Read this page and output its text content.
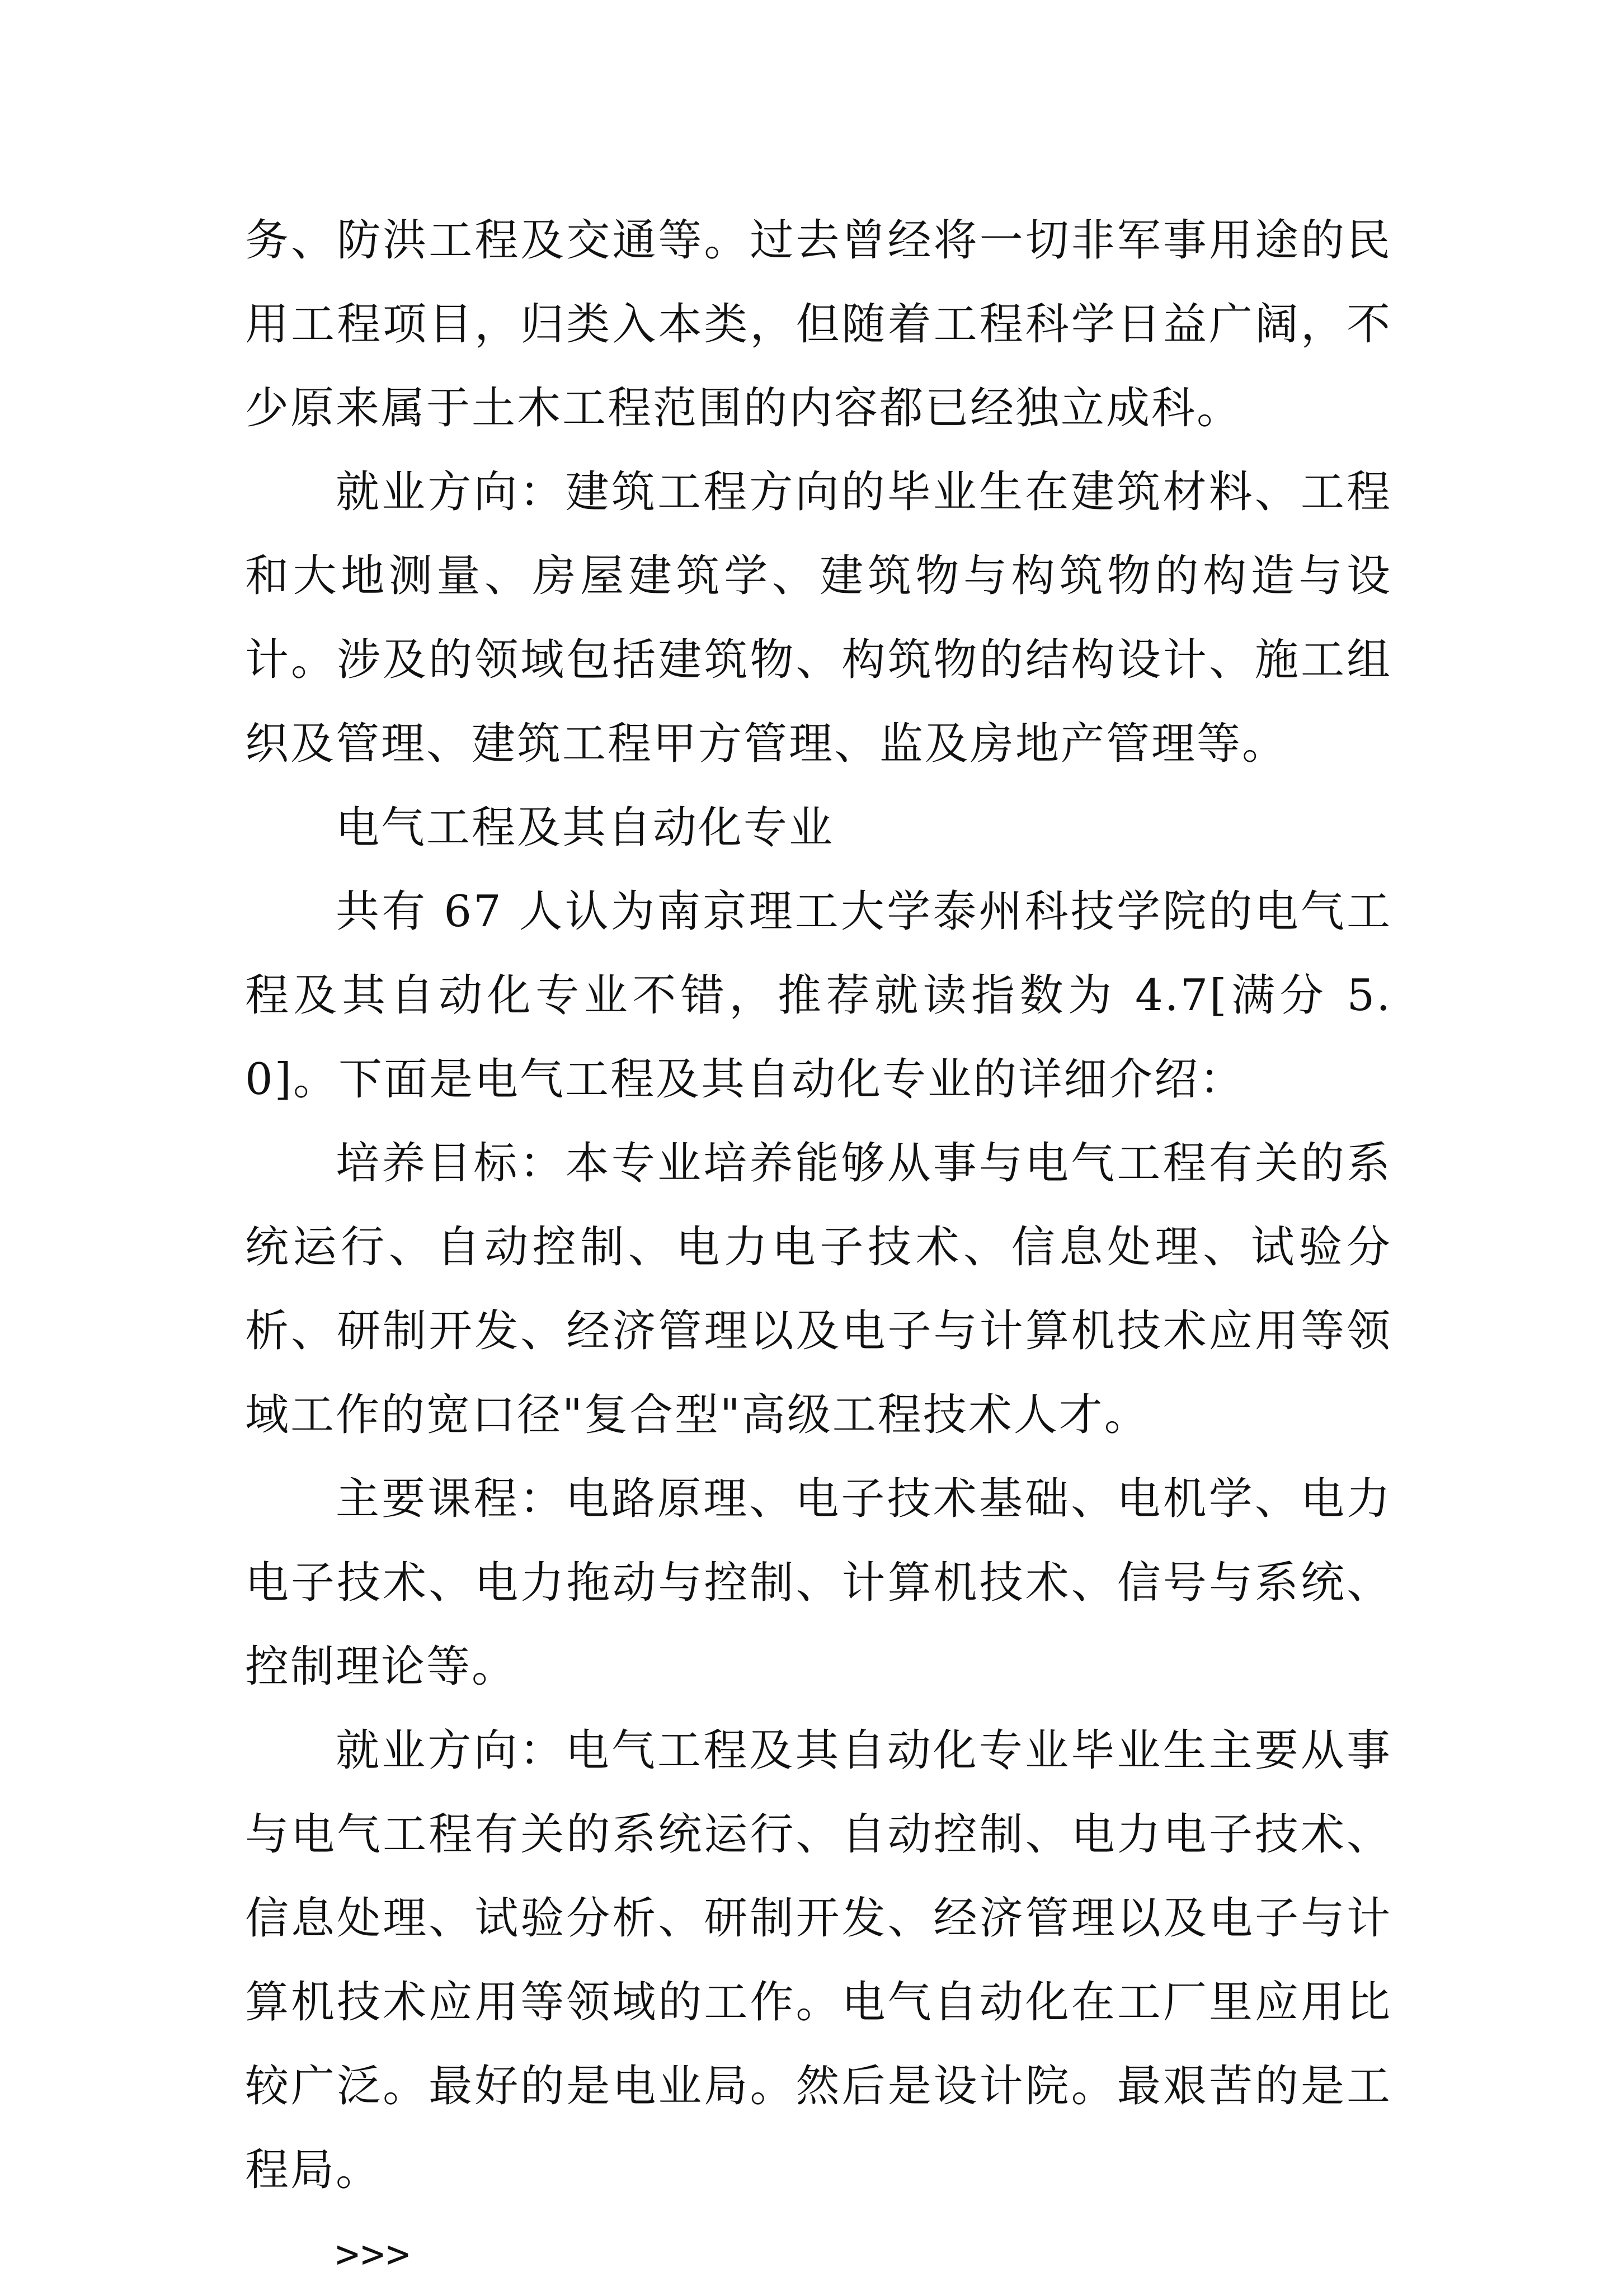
务、防洪工程及交通等。过去曾经将一切非军事用途的民用工程项目，归类入本类，但随着工程科学日益广阔，不少原来属于土木工程范围的内容都已经独立成科。

就业方向：建筑工程方向的毕业生在建筑材料、工程和大地测量、房屋建筑学、建筑物与构筑物的构造与设计。涉及的领域包括建筑物、构筑物的结构设计、施工组织及管理、建筑工程甲方管理、监及房地产管理等。

电气工程及其自动化专业

共有 67 人认为南京理工大学泰州科技学院的电气工程及其自动化专业不错，推荐就读指数为 4.7[满分 5.0]。下面是电气工程及其自动化专业的详细介绍：

培养目标：本专业培养能够从事与电气工程有关的系统运行、自动控制、电力电子技术、信息处理、试验分析、研制开发、经济管理以及电子与计算机技术应用等领域工作的宽口径"复合型"高级工程技术人才。

主要课程：电路原理、电子技术基础、电机学、电力电子技术、电力拖动与控制、计算机技术、信号与系统、控制理论等。

就业方向：电气工程及其自动化专业毕业生主要从事与电气工程有关的系统运行、自动控制、电力电子技术、信息处理、试验分析、研制开发、经济管理以及电子与计算机技术应用等领域的工作。电气自动化在工厂里应用比较广泛。最好的是电业局。然后是设计院。最艰苦的是工程局。

>>>
